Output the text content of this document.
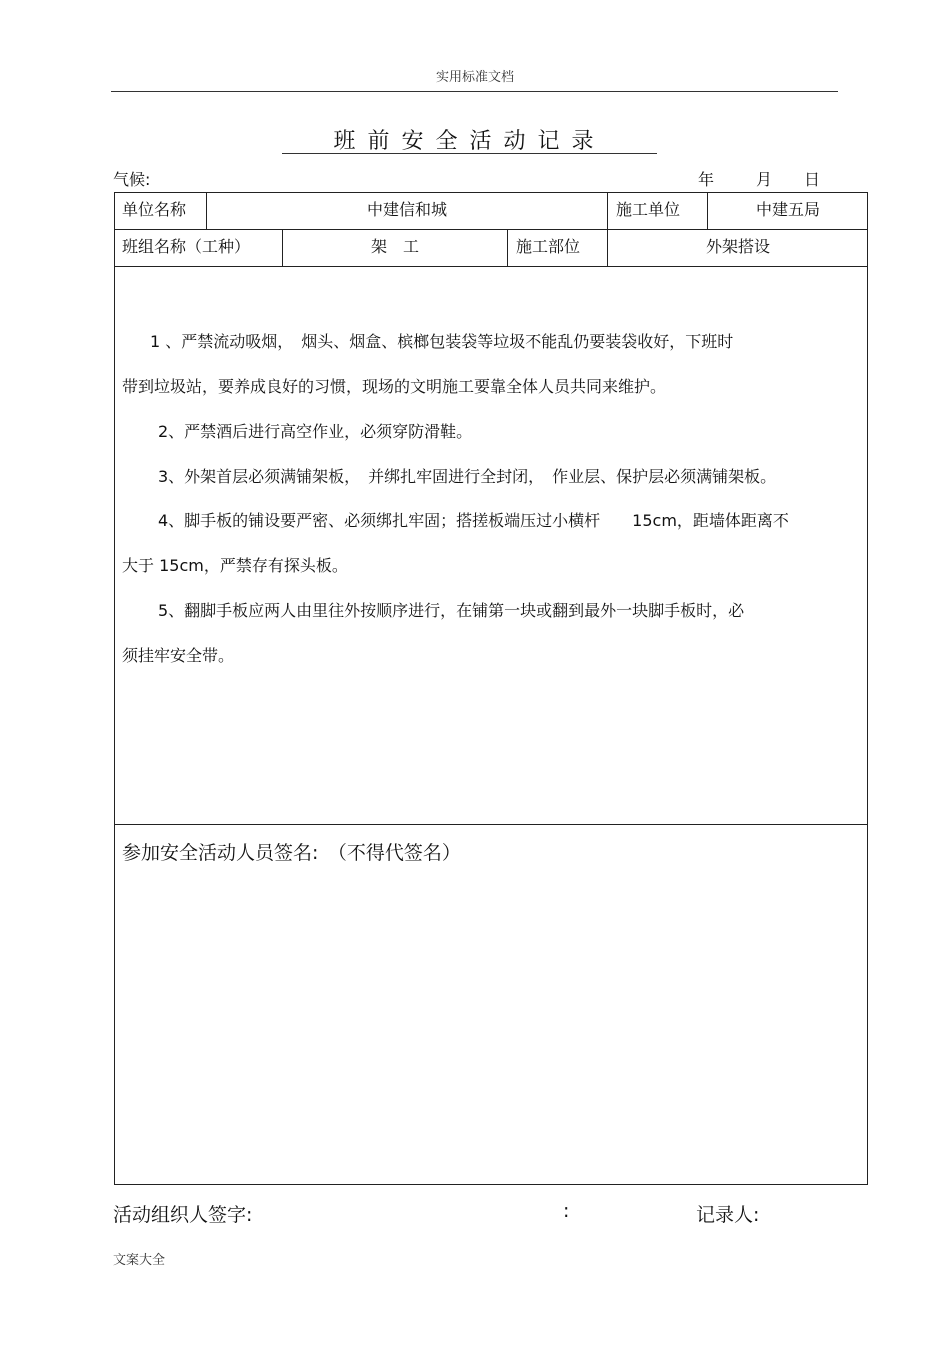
实用标准文档
班前安全活动记录
气候:	年	月 日
单位名称	中建信和城	施工单位	中建五局
班组名称（工种）	架　工	施工部位	外架搭设
1 、严禁流动吸烟，　烟头、烟盒、槟榔包装袋等垃圾不能乱仍要装袋收好，下班时
带到垃圾站，要养成良好的习惯，现场的文明施工要靠全体人员共同来维护。
2、严禁酒后进行高空作业，必须穿防滑鞋。
3、外架首层必须满铺架板，　并绑扎牢固进行全封闭，　作业层、保护层必须满铺架板。
4、脚手板的铺设要严密、必须绑扎牢固；搭搓板端压过小横杆　　15cm，距墙体距离不
大于 15cm，严禁存有探头板。
5、翻脚手板应两人由里往外按顺序进行，在铺第一块或翻到最外一块脚手板时，必
须挂牢安全带。
参加安全活动人员签名:　（不得代签名）
活动组织人签字:	:	记录人:
文案大全
